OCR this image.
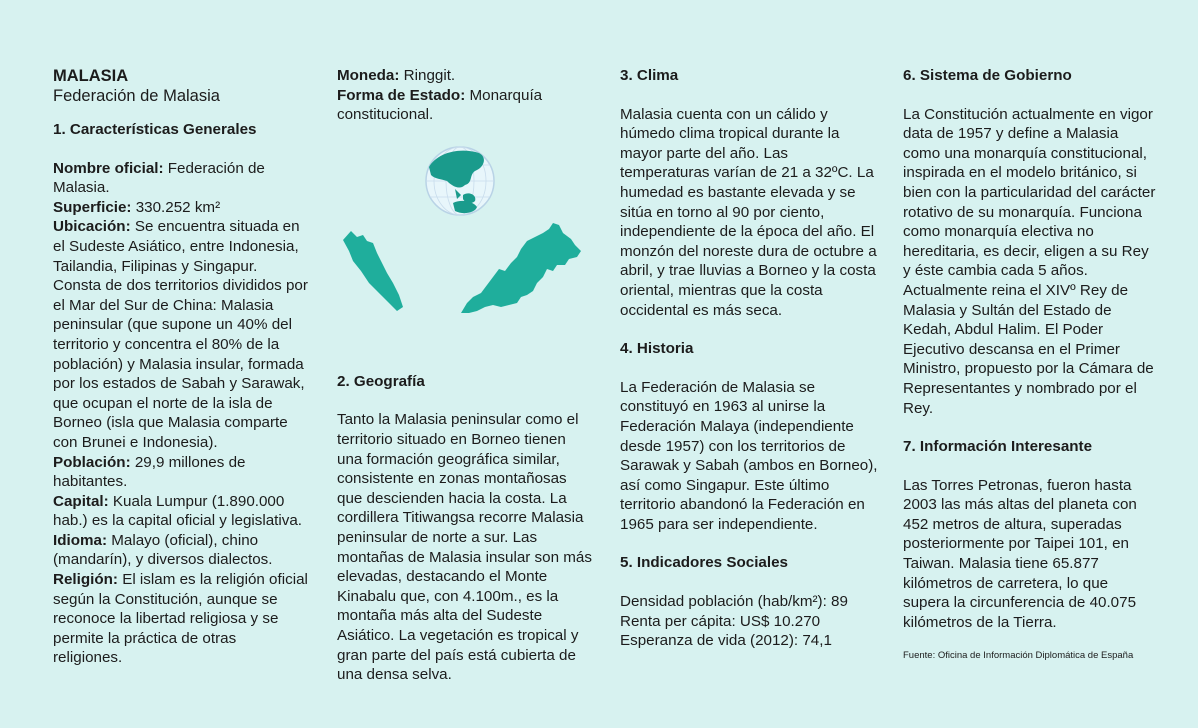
MALASIA
Federación de Malasia
1. Características Generales

Nombre oficial: Federación de Malasia.

Superficie: 330.252 km²

Ubicación: Se encuentra situada en el Sudeste Asiático, entre Indonesia, Tailandia, Filipinas y Singapur. Consta de dos territorios divididos por el Mar del Sur de China: Malasia peninsular (que supone un 40% del territorio y concentra el 80% de la población) y Malasia insular, formada por los estados de Sabah y Sarawak, que ocupan el norte de la isla de Borneo (isla que Malasia comparte con Brunei e Indonesia).

Población: 29,9 millones de habitantes.

Capital: Kuala Lumpur (1.890.000 hab.) es la capital oficial y legislativa.

Idioma: Malayo (oficial), chino (mandarín), y diversos dialectos.

Religión: El islam es la religión oficial según la Constitución, aunque se reconoce la libertad religiosa y se permite la práctica de otras religiones.

Moneda: Ringgit.

Forma de Estado: Monarquía constitucional.

2. Geografía

Tanto la Malasia peninsular como el territorio situado en Borneo tienen una formación geográfica similar, consistente en zonas montañosas que descienden hacia la costa. La cordillera Titiwangsa recorre Malasia peninsular de norte a sur. Las montañas de Malasia insular son más elevadas, destacando el Monte Kinabalu que, con 4.100m., es la montaña más alta del Sudeste Asiático. La vegetación es tropical y gran parte del país está cubierta de una densa selva.

3. Clima

Malasia cuenta con un cálido y húmedo clima tropical durante la mayor parte del año. Las temperaturas varían de 21 a 32ºC. La humedad es bastante elevada y se sitúa en torno al 90 por ciento, independiente de la época del año. El monzón del noreste dura de octubre a abril, y trae lluvias a Borneo y la costa oriental, mientras que la costa occidental es más seca.

4. Historia

La Federación de Malasia se constituyó en 1963 al unirse la Federación Malaya (independiente desde 1957) con los territorios de Sarawak y Sabah (ambos en Borneo), así como Singapur. Este último territorio abandonó la Federación en 1965 para ser independiente.

5. Indicadores Sociales

Densidad población (hab/km²): 89

Renta per cápita: US$ 10.270

Esperanza de vida (2012): 74,1

6. Sistema de Gobierno

La Constitución actualmente en vigor data de 1957 y define a Malasia como una monarquía constitucional, inspirada en el modelo británico, si bien con la particularidad del carácter rotativo de su monarquía. Funciona como monarquía electiva no hereditaria, es decir, eligen a su Rey y éste cambia cada 5 años. Actualmente reina el XIVº Rey de Malasia y Sultán del Estado de Kedah, Abdul Halim. El Poder Ejecutivo descansa en el Primer Ministro, propuesto por la Cámara de Representantes y nombrado por el Rey.

7. Información Interesante

Las Torres Petronas, fueron hasta 2003 las más altas del planeta con 452 metros de altura, superadas posteriormente por Taipei 101, en Taiwan. Malasia tiene 65.877 kilómetros de carretera, lo que supera la circunferencia de 40.075 kilómetros de la Tierra.

Fuente: Oficina de Información Diplomática de España
